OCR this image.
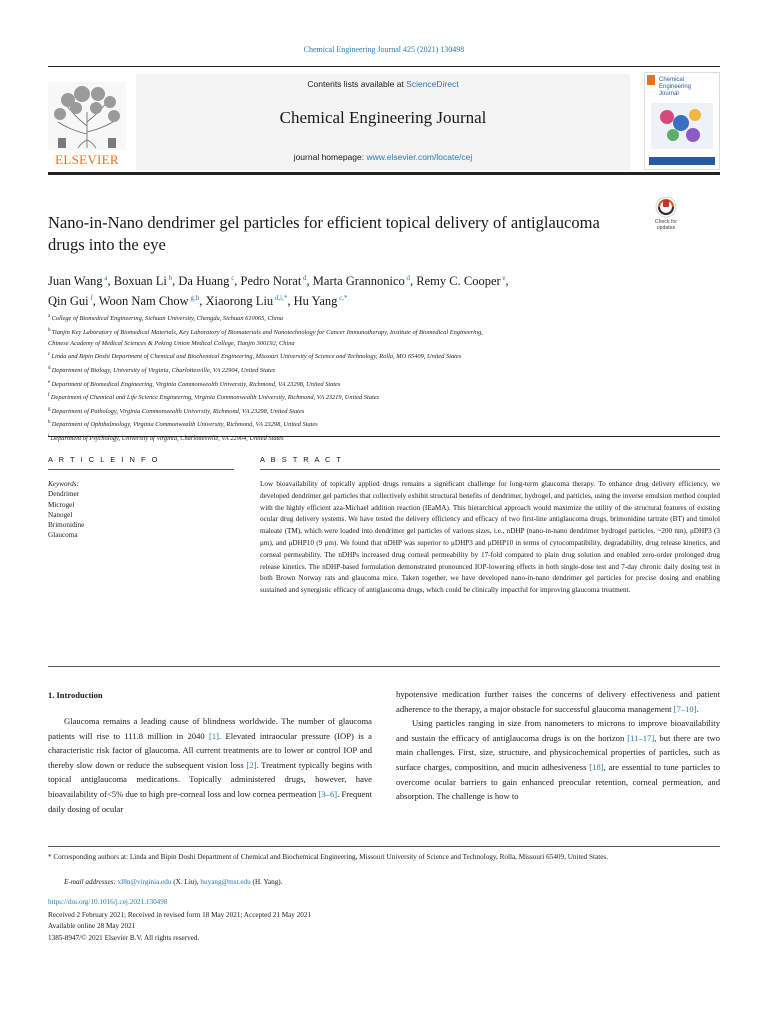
Chemical Engineering Journal 425 (2021) 130498
ELSEVIER
Contents lists available at ScienceDirect
Chemical Engineering Journal
journal homepage: www.elsevier.com/locate/cej
Chemical
Engineering
Journal
Nano-in-Nano dendrimer gel particles for efficient topical delivery of antiglaucoma drugs into the eye
Check for
updates
Juan Wang $^a$, Boxuan Li $^b$, Da Huang $^c$, Pedro Norat $^d$, Marta Grannonico $^d$, Remy C. Cooper $^e$,
Qin Gui $^f$, Woon Nam Chow $^{g,h}$, Xiaorong Liu $^{d,i,*}$, Hu Yang $^{c,*}$
$^a$ College of Biomedical Engineering, Sichuan University, Chengdu, Sichuan 610065, China
$^b$ Tianjin Key Laboratory of Biomedical Materials, Key Laboratory of Biomaterials and Nanotechnology for Cancer Immunotherapy, Institute of Biomedical Engineering,
Chinese Academy of Medical Sciences & Peking Union Medical College, Tianjin 300192, China
$^c$ Linda and Bipin Doshi Department of Chemical and Biochemical Engineering, Missouri University of Science and Technology, Rolla, MO 65409, United States
$^d$ Department of Biology, University of Virginia, Charlottesville, VA 22904, United States
$^e$ Department of Biomedical Engineering, Virginia Commonwealth University, Richmond, VA 23298, United States
$^f$ Department of Chemical and Life Science Engineering, Virginia Commonwealth University, Richmond, VA 23219, United States
$^g$ Department of Pathology, Virginia Commonwealth University, Richmond, VA 23298, United States
$^h$ Department of Ophthalmology, Virginia Commonwealth University, Richmond, VA 23298, United States
$^i$ Department of Psychology, University of Virginia, Charlottesville, VA 22904, United States
A R T I C L E I N F O	A B S T R A C T
Keywords:
Dendrimer
Microgel
Nanogel
Brimonidine
Glaucoma
Low bioavailability of topically applied drugs remains a significant challenge for long-term glaucoma therapy. To enhance drug delivery efficiency, we developed dendrimer gel particles that collectively exhibit structural benefits of dendrimer, hydrogel, and particles, using the inverse emulsion method coupled with the highly efficient aza-Michael addition reaction (IEaMA). This hierarchical approach would maximize the utility of the structural features of existing ocular drug delivery systems. We have tested the delivery efficiency and efficacy of two first-line antiglaucoma drugs, brimonidine tartrate (BT) and timolol maleate (TM), which were loaded into dendrimer gel particles of various sizes, i.e., nDHP (nano-in-nano dendrimer hydrogel particles, ~200 nm), μDHP3 (3 μm), and μDHP10 (9 μm). We found that nDHP was superior to μDHP3 and μDHP10 in terms of cytocompatibility, degradability, drug release kinetics, and corneal permeability. The nDHPs increased drug corneal permeability by 17-fold compared to plain drug solution and enabled zero-order prolonged drug release kinetics. The nDHP-based formulation demonstrated pronounced IOP-lowering effects in both single-dose test and 7-day chronic daily dosing test in both Brown Norway rats and glaucoma mice. Taken together, we have developed nano-in-nano dendrimer gel particles for precise dosing and enabling sustained and synergistic efficacy of antiglaucoma drugs, which could be clinically impactful for improving glaucoma treatment.
1. Introduction
Glaucoma remains a leading cause of blindness worldwide. The number of glaucoma patients will rise to 111.8 million in 2040 [1]. Elevated intraocular pressure (IOP) is a characteristic risk factor of glaucoma. All current treatments are to lower or control IOP and thereby slow down or reduce the subsequent vision loss [2]. Treatment typically begins with topical antiglaucoma medications. Topically administered drugs, however, have bioavailability of<5% due to high pre-corneal loss and low cornea permeation [3–6]. Frequent daily dosing of ocular
hypotensive medication further raises the concerns of delivery effectiveness and patient adherence to the therapy, a major obstacle for successful glaucoma management [7–10].
Using particles ranging in size from nanometers to microns to improve bioavailability and sustain the efficacy of antiglaucoma drugs is on the horizon [11–17], but there are two main challenges. First, size, structure, and physicochemical properties of particles, such as surface charges, composition, and mucin adhesiveness [18], are essential to tune particles to overcome ocular barriers to gain enhanced preocular retention, corneal permeation, and absorption. The challenge is how to
* Corresponding authors at: Linda and Bipin Doshi Department of Chemical and Biochemical Engineering, Missouri University of Science and Technology, Rolla, Missouri 65409, United States.
E-mail addresses: xl8n@virginia.edu (X. Liu), huyang@mst.edu (H. Yang).
https://doi.org/10.1016/j.cej.2021.130498
Received 2 February 2021; Received in revised form 18 May 2021; Accepted 21 May 2021
Available online 28 May 2021
1385-8947/© 2021 Elsevier B.V. All rights reserved.
